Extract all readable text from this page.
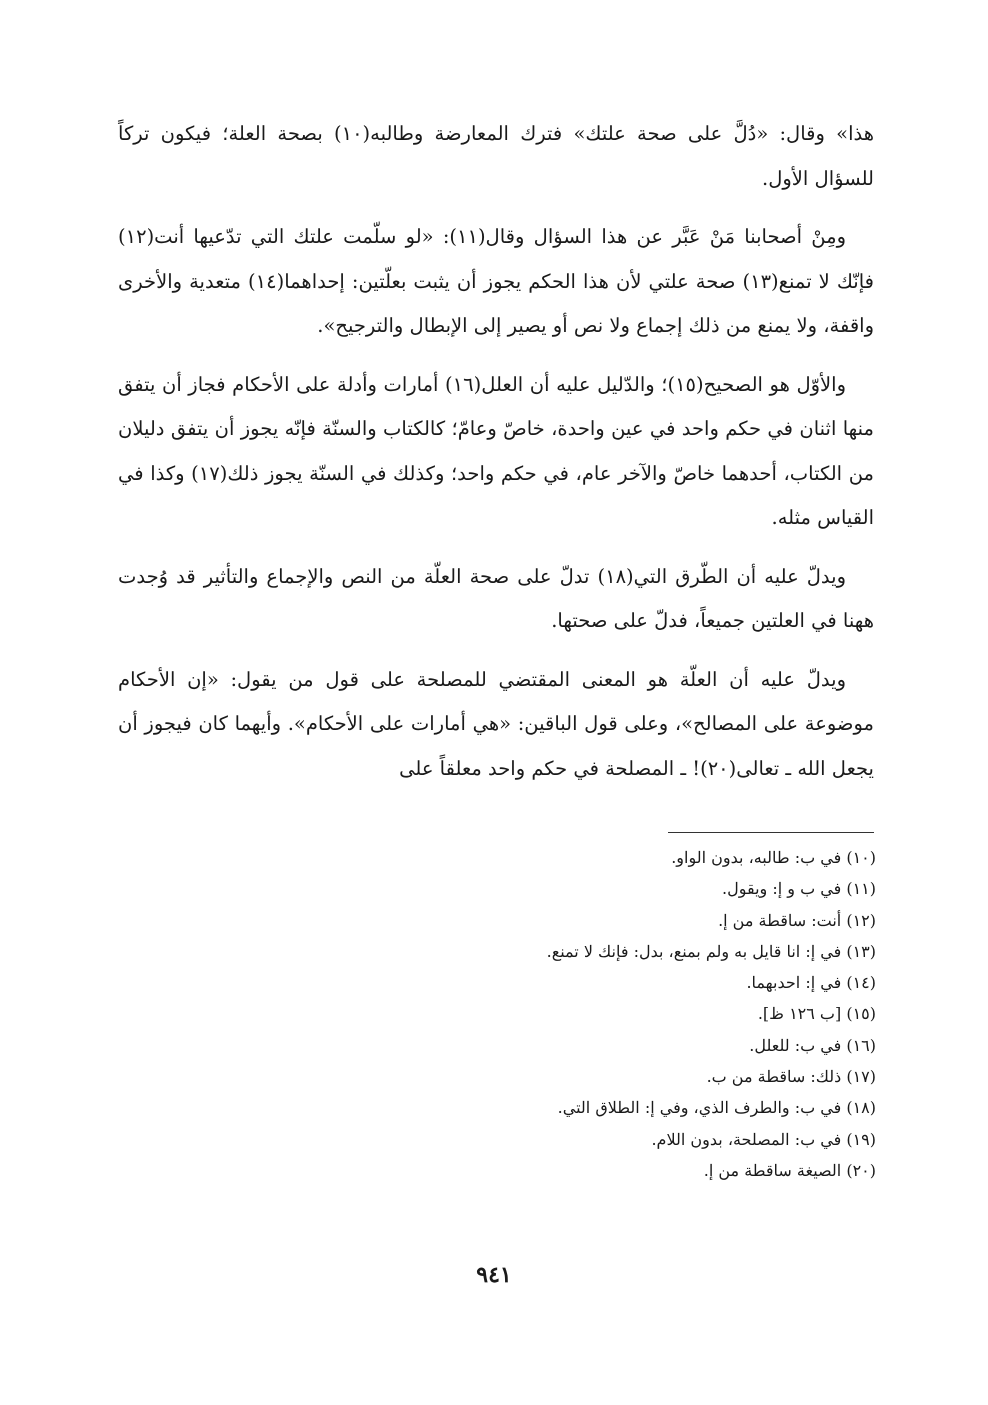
هذا» وقال: «دُلَّ على صحة علتك» فترك المعارضة وطالبه(١٠) بصحة العلة؛ فيكون تركاً للسؤال الأول.

ومِنْ أصحابنا مَنْ عَبَّر عن هذا السؤال وقال(١١): «لو سلّمت علتك التي تدّعيها أنت(١٢) فإنّك لا تمنع(١٣) صحة علتي لأن هذا الحكم يجوز أن يثبت بعلّتين: إحداهما(١٤) متعدية والأخرى واقفة، ولا يمنع من ذلك إجماع ولا نص أو يصير إلى الإبطال والترجيح».

والأوّل هو الصحيح(١٥)؛ والدّليل عليه أن العلل(١٦) أمارات وأدلة على الأحكام فجاز أن يتفق منها اثنان في حكم واحد في عين واحدة، خاصّ وعامّ؛ كالكتاب والسنّة فإنّه يجوز أن يتفق دليلان من الكتاب، أحدهما خاصّ والآخر عام، في حكم واحد؛ وكذلك في السنّة يجوز ذلك(١٧) وكذا في القياس مثله.

ويدلّ عليه أن الطّرق التي(١٨) تدلّ على صحة العلّة من النص والإجماع والتأثير قد وُجدت ههنا في العلتين جميعاً، فدلّ على صحتها.

ويدلّ عليه أن العلّة هو المعنى المقتضي للمصلحة على قول من يقول: «إن الأحكام موضوعة على المصالح»، وعلى قول الباقين: «هي أمارات على الأحكام». وأيهما كان فيجوز أن يجعل الله ـ تعالى(٢٠)! ـ المصلحة في حكم واحد معلقاً على

(١٠) في ب: طالبه، بدون الواو.
(١١) في ب و إ: ويقول.
(١٢) أنت: ساقطة من إ.
(١٣) في إ: انا قايل به ولم بمنع، بدل: فإنك لا تمنع.
(١٤) في إ: احدبهما.
(١٥) [ب ١٢٦ ظ].
(١٦) في ب: للعلل.
(١٧) ذلك: ساقطة من ب.
(١٨) في ب: والطرف الذي، وفي إ: الطلاق التي.
(١٩) في ب: المصلحة، بدون اللام.
(٢٠) الصيغة ساقطة من إ.
٩٤١
